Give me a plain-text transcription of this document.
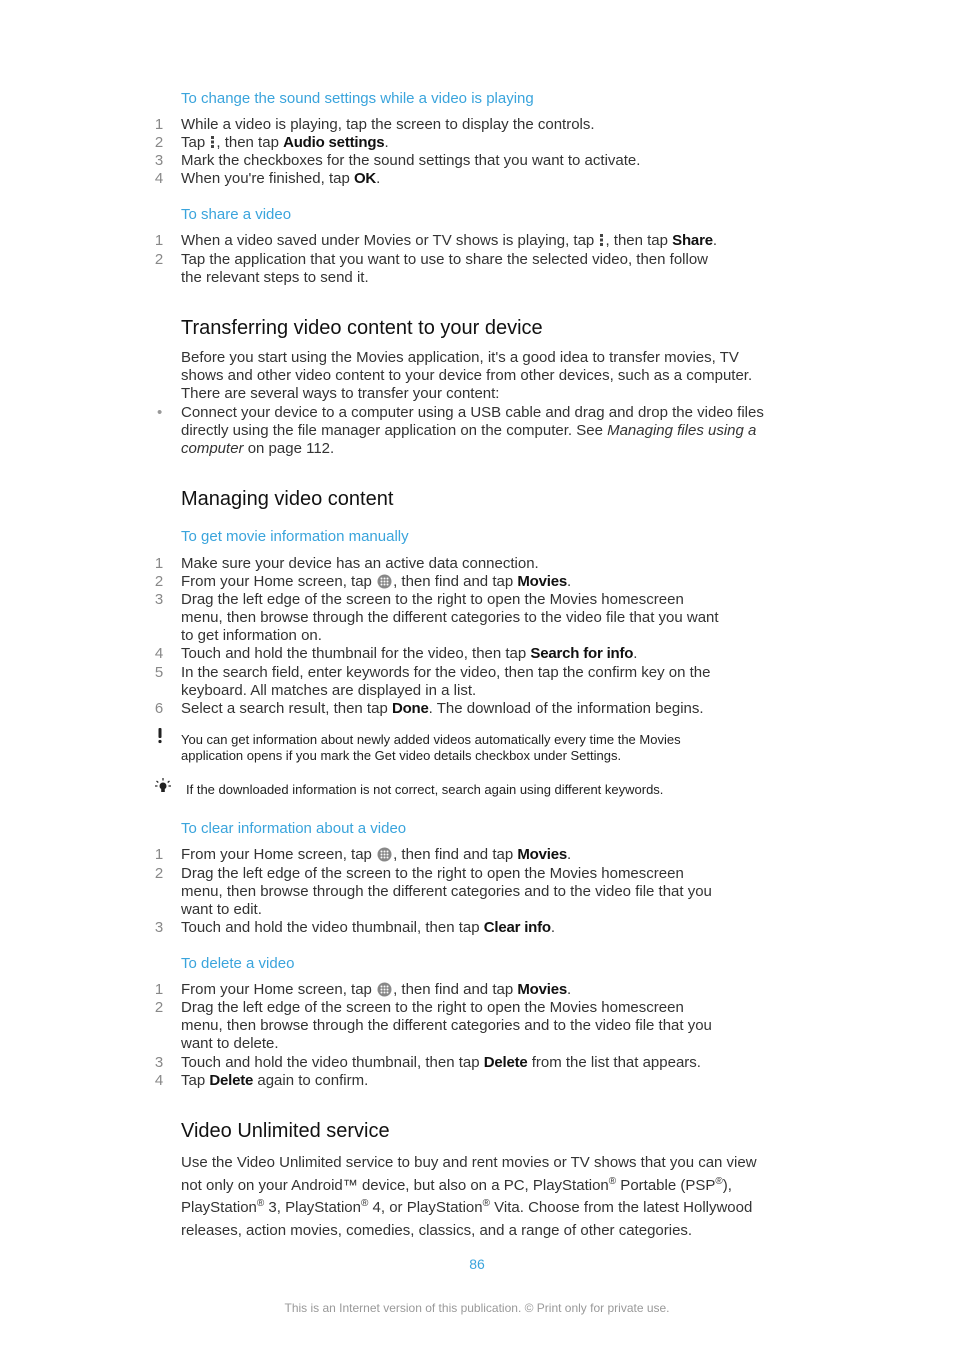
To change the sound settings while a video is playing
1 While a video is playing, tap the screen to display the controls.
2 Tap , then tap Audio settings.
3 Mark the checkboxes for the sound settings that you want to activate.
4 When you're finished, tap OK.
To share a video
1 When a video saved under Movies or TV shows is playing, tap , then tap Share.
2 Tap the application that you want to use to share the selected video, then follow
the relevant steps to send it.
Transferring video content to your device
Before you start using the Movies application, it's a good idea to transfer movies, TV
shows and other video content to your device from other devices, such as a computer.
There are several ways to transfer your content:
• Connect your device to a computer using a USB cable and drag and drop the video files
directly using the file manager application on the computer. See Managing files using a
computer on page 112.
Managing video content
To get movie information manually
1 Make sure your device has an active data connection.
2 From your Home screen, tap , then find and tap Movies.
3 Drag the left edge of the screen to the right to open the Movies homescreen
menu, then browse through the different categories to the video file that you want
to get information on.
4 Touch and hold the thumbnail for the video, then tap Search for info.
5 In the search field, enter keywords for the video, then tap the confirm key on the
keyboard. All matches are displayed in a list.
6 Select a search result, then tap Done. The download of the information begins.
You can get information about newly added videos automatically every time the Movies
application opens if you mark the Get video details checkbox under Settings.
If the downloaded information is not correct, search again using different keywords.
To clear information about a video
1 From your Home screen, tap , then find and tap Movies.
2 Drag the left edge of the screen to the right to open the Movies homescreen
menu, then browse through the different categories and to the video file that you
want to edit.
3 Touch and hold the video thumbnail, then tap Clear info.
To delete a video
1 From your Home screen, tap , then find and tap Movies.
2 Drag the left edge of the screen to the right to open the Movies homescreen
menu, then browse through the different categories and to the video file that you
want to delete.
3 Touch and hold the video thumbnail, then tap Delete from the list that appears.
4 Tap Delete again to confirm.
Video Unlimited service
Use the Video Unlimited service to buy and rent movies or TV shows that you can view
not only on your Android™ device, but also on a PC, PlayStation® Portable (PSP®),
PlayStation® 3, PlayStation® 4, or PlayStation® Vita. Choose from the latest Hollywood
releases, action movies, comedies, classics, and a range of other categories.
86
This is an Internet version of this publication. © Print only for private use.
